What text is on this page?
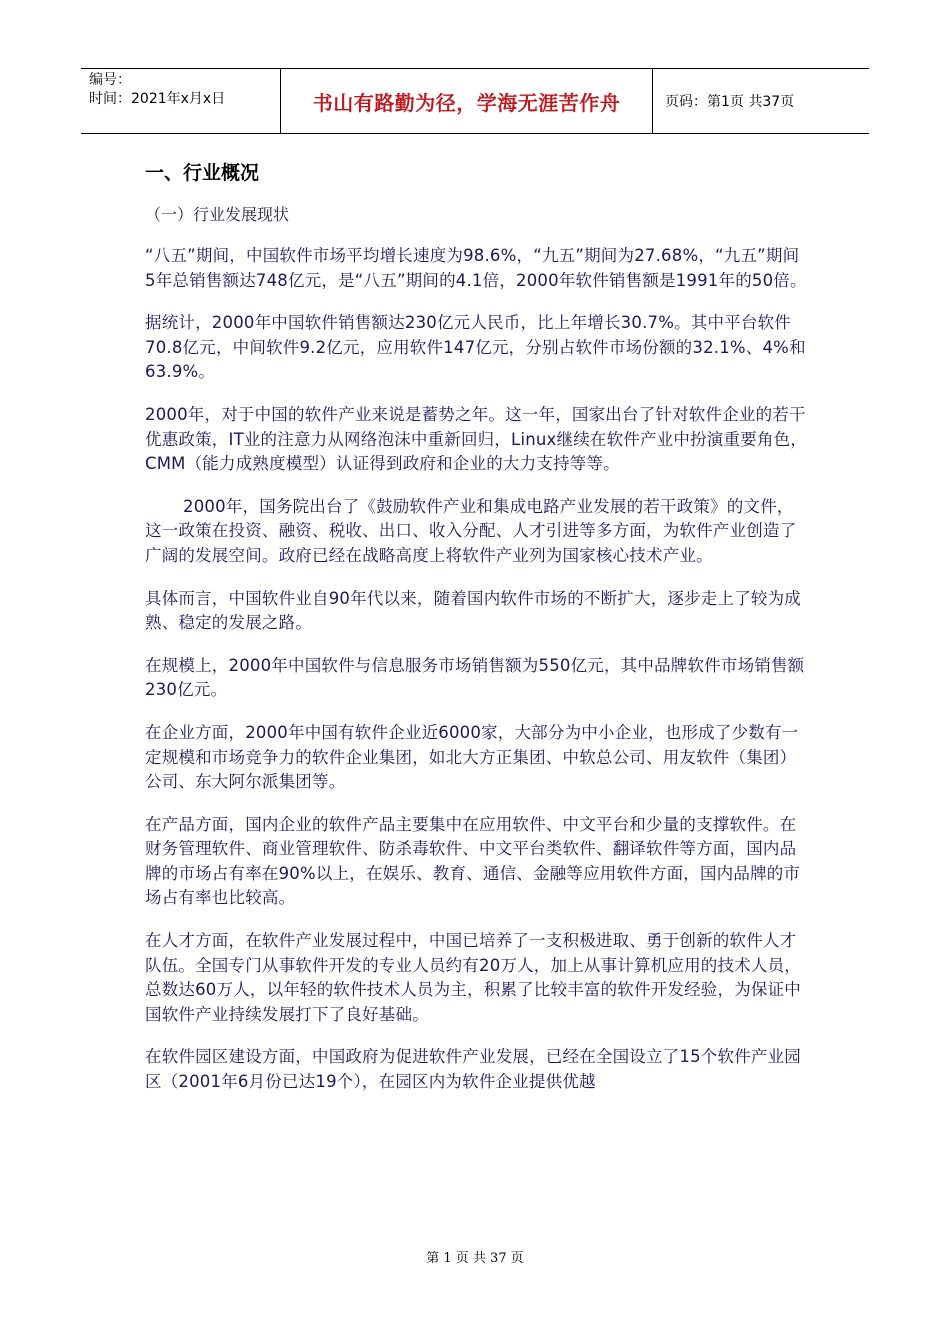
编号：
时间：2021年x月x日	书山有路勤为径，学海无涯苦作舟	页码：第1页 共37页
一、行业概况
（一）行业发展现状

“八五”期间，中国软件市场平均增长速度为98.6%，“九五”期间为27.68%，“九五”期间5年总销售额达748亿元，是“八五”期间的4.1倍，2000年软件销售额是1991年的50倍。

据统计，2000年中国软件销售额达230亿元人民币，比上年增长30.7%。其中平台软件70.8亿元，中间软件9.2亿元，应用软件147亿元，分别占软件市场份额的32.1%、4%和63.9%。

2000年，对于中国的软件产业来说是蓄势之年。这一年，国家出台了针对软件企业的若干优惠政策，IT业的注意力从网络泡沫中重新回归，Linux继续在软件产业中扮演重要角色，CMM（能力成熟度模型）认证得到政府和企业的大力支持等等。

2000年，国务院出台了《鼓励软件产业和集成电路产业发展的若干政策》的文件，这一政策在投资、融资、税收、出口、收入分配、人才引进等多方面，为软件产业创造了广阔的发展空间。政府已经在战略高度上将软件产业列为国家核心技术产业。

具体而言，中国软件业自90年代以来，随着国内软件市场的不断扩大，逐步走上了较为成熟、稳定的发展之路。

在规模上，2000年中国软件与信息服务市场销售额为550亿元，其中品牌软件市场销售额230亿元。

在企业方面，2000年中国有软件企业近6000家，大部分为中小企业，也形成了少数有一定规模和市场竞争力的软件企业集团，如北大方正集团、中软总公司、用友软件（集团）公司、东大阿尔派集团等。

在产品方面，国内企业的软件产品主要集中在应用软件、中文平台和少量的支撑软件。在财务管理软件、商业管理软件、防杀毒软件、中文平台类软件、翻译软件等方面，国内品牌的市场占有率在90%以上，在娱乐、教育、通信、金融等应用软件方面，国内品牌的市场占有率也比较高。

在人才方面，在软件产业发展过程中，中国已培养了一支积极进取、勇于创新的软件人才队伍。全国专门从事软件开发的专业人员约有20万人，加上从事计算机应用的技术人员，总数达60万人，以年轻的软件技术人员为主，积累了比较丰富的软件开发经验，为保证中国软件产业持续发展打下了良好基础。

在软件园区建设方面，中国政府为促进软件产业发展，已经在全国设立了15个软件产业园区（2001年6月份已达19个），在园区内为软件企业提供优越

第 1 页 共 37 页
